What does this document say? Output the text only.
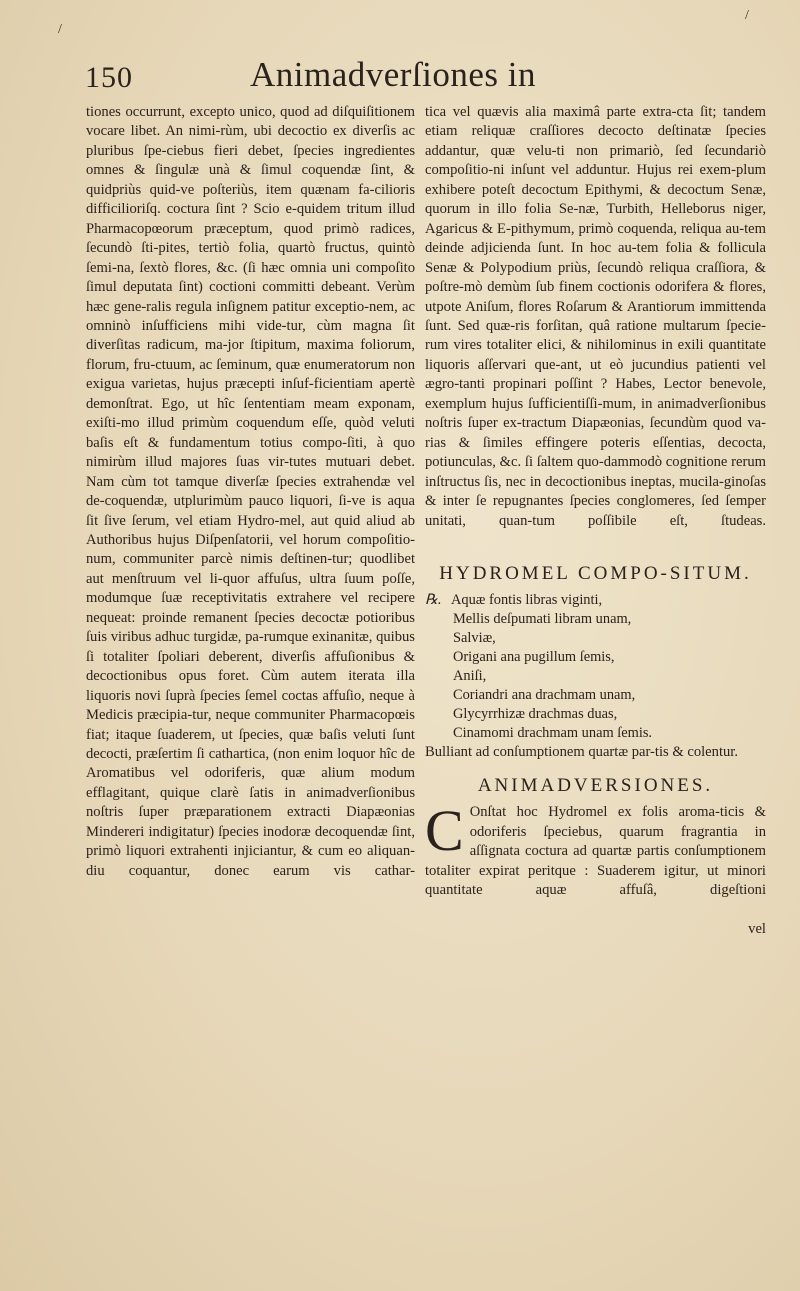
/
/
150	Animadverſiones in

tiones occurrunt, excepto unico, quod ad diſquiſitionem vocare libet. An nimi-rùm, ubi decoctio ex diverſis ac pluribus ſpe-ciebus fieri debet, ſpecies ingredientes omnes & ſingulæ unà & ſimul coquendæ ſint, & quidpriùs quid-ve poſteriùs, item quænam fa-cilioris difficilioriſq. coctura ſint ? Scio e-quidem tritum illud Pharmacopœorum præceptum, quod primò radices, ſecundò ſti-pites, tertiò folia, quartò fructus, quintò ſemi-na, ſextò flores, &c. (ſi hæc omnia uni compoſito ſimul deputata ſint) coctioni committi debeant. Verùm hæc gene-ralis regula inſignem patitur exceptio-nem, ac omninò inſufficiens mihi vide-tur, cùm magna ſit diverſitas radicum, ma-jor ſtipitum, maxima foliorum, florum, fru-ctuum, ac ſeminum, quæ enumeratorum non exigua varietas, hujus præcepti inſuf-ficientiam apertè demonſtrat. Ego, ut hîc ſententiam meam exponam, exiſti-mo illud primùm coquendum eſſe, quòd veluti baſis eſt & fundamentum totius compo-ſiti, à quo nimirùm illud majores ſuas vir-tutes mutuari debet. Nam cùm tot tamque diverſæ ſpecies extrahendæ vel de-coquendæ, utplurimùm pauco liquori, ſi-ve is aqua ſit ſive ſerum, vel etiam Hydro-mel, aut quid aliud ab Authoribus hujus Diſpenſatorii, vel horum compoſitio-num, communiter parcè nimis deſtinen-tur; quodlibet aut menſtruum vel li-quor affuſus, ultra ſuum poſſe, modumque ſuæ receptivitatis extrahere vel recipere nequeat: proinde remanent ſpecies decoctæ potioribus ſuis viribus adhuc turgidæ, pa-rumque exinanitæ, quibus ſi totaliter ſpoliari deberent, diverſis affuſionibus & decoctionibus opus foret. Cùm autem iterata illa liquoris novi ſuprà ſpecies ſemel coctas affuſio, neque à Medicis præcipia-tur, neque communiter Pharmacopœis fiat; itaque ſuaderem, ut ſpecies, quæ baſis veluti ſunt decocti, præſertim ſi cathartica, (non enim loquor hîc de Aromatibus vel odoriferis, quæ alium modum efflagitant, quique clarè ſatis in animadverſionibus noſtris ſuper præparationem extracti Diapæonias Mindereri indigitatur) ſpecies inodoræ decoquendæ ſint, primò liquori extrahenti injiciantur, & cum eo aliquan-diu coquantur, donec earum vis cathar-

tica vel quævis alia maximâ parte extra-cta ſit; tandem etiam reliquæ craſſiores decocto deſtinatæ ſpecies addantur, quæ velu-ti non primariò, ſed ſecundariò compoſitio-ni inſunt vel adduntur. Hujus rei exem-plum exhibere poteſt decoctum Epithymi, & decoctum Senæ, quorum in illo folia Se-næ, Turbith, Helleborus niger, Agaricus & E-pithymum, primò coquenda, reliqua au-tem deinde adjicienda ſunt. In hoc au-tem folia & follicula Senæ & Polypodium priùs, ſecundò reliqua craſſiora, & poſtre-mò demùm ſub finem coctionis odorifera & flores, utpote Aniſum, flores Roſarum & Arantiorum immittenda ſunt. Sed quæ-ris forſitan, quâ ratione multarum ſpecie-rum vires totaliter elici, & nihilominus in exili quantitate liquoris aſſervari que-ant, ut eò jucundius patienti vel ægro-tanti propinari poſſint ? Habes, Lector benevole, exemplum hujus ſufficientiſſi-mum, in animadverſionibus noſtris ſuper ex-tractum Diapæonias, ſecundùm quod va-rias & ſimiles effingere poteris eſſentias, decocta, potiunculas, &c. ſi ſaltem quo-dammodò cognitione rerum inſtructus ſis, nec in decoctionibus ineptas, mucila-ginoſas & inter ſe repugnantes ſpecies conglomeres, ſed ſemper unitati, quan-tum poſſibile eſt, ſtudeas.

HYDROMEL COMPO-SITUM.
℞. Aquæ fontis libras viginti,
Mellis deſpumati libram unam,
Salviæ,
Origani ana pugillum ſemis,
Aniſi,
Coriandri ana drachmam unam,
Glycyrrhizæ drachmas duas,
Cinamomi drachmam unam ſemis.

Bulliant ad conſumptionem quartæ par-tis & colentur.

ANIMADVERSIONES.
C Onſtat hoc Hydromel ex folis aroma-ticis & odoriferis ſpeciebus, quarum fragrantia in aſſignata coctura ad quartæ partis conſumptionem totaliter expirat peritque : Suaderem igitur, ut minori quantitate aquæ affuſâ, digeſtioni

vel
